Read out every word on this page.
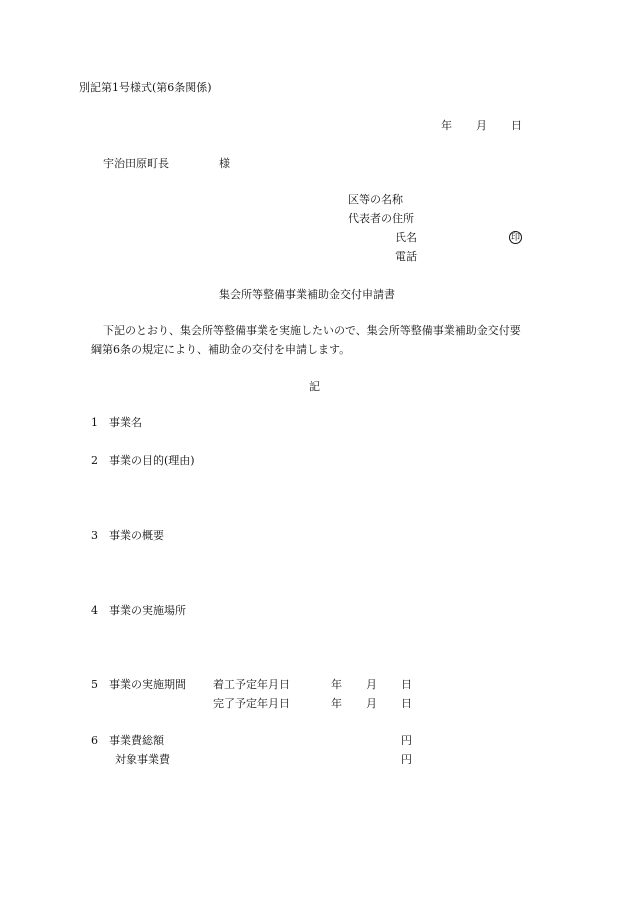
別記第1号様式(第6条関係)
年 月 日
宇治田原町長	様
区等の名称
代表者の住所
氏名	印
電話
集会所等整備事業補助金交付申請書
下記のとおり、集会所等整備事業を実施したいので、集会所等整備事業補助金交付要
綱第6条の規定により、補助金の交付を申請します。
記
1 事業名
2 事業の目的(理由)
3 事業の概要
4 事業の実施場所
5 事業の実施期間 着工予定年月日	年 月 日
完了予定年月日	年 月 日
6 事業費総額	円
対象事業費	円
